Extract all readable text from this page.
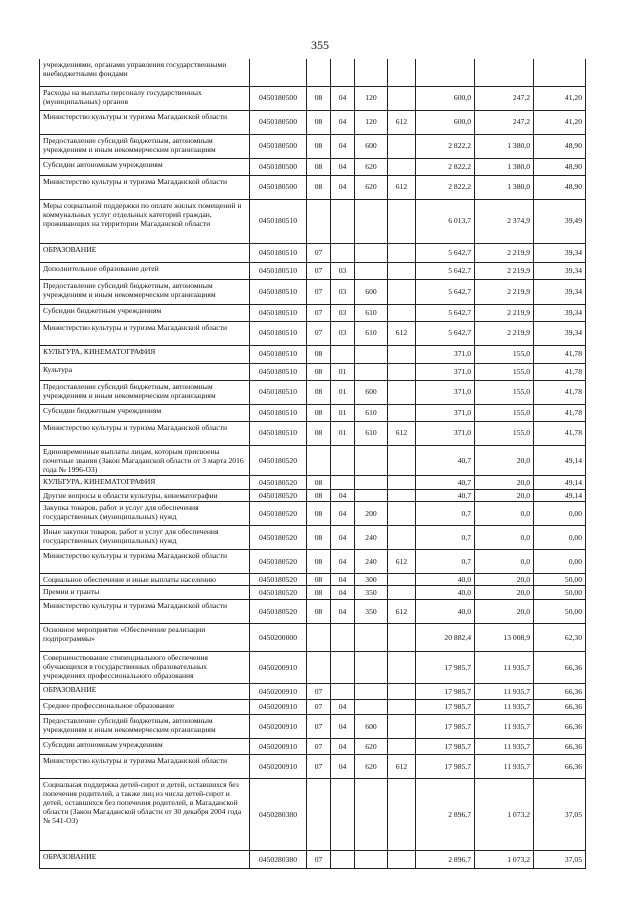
355
учреждениями, органами управления государственными внебюджетными фондами								
Расходы на выплаты персоналу государственных (муниципальных) органов	0450180500	08	04	120		600,0	247,2	41,20
Министерство культуры и туризма Магаданской области	0450180500	08	04	120	612	600,0	247,2	41,20
Предоставление субсидий бюджетным, автономным учреждениям и иным некоммерческим организациям	0450180500	08	04	600		2 822,2	1 380,0	48,90
Субсидии автономным учреждениям	0450180500	08	04	620		2 822,2	1 380,0	48,90
Министерство культуры и туризма Магаданской области	0450180500	08	04	620	612	2 822,2	1 380,0	48,90
Меры социальной поддержки по оплате жилых помещений и коммунальных услуг отдельных категорий граждан, проживающих на территории Магаданской области	0450180510					6 013,7	2 374,9	39,49
ОБРАЗОВАНИЕ	0450180510	07				5 642,7	2 219,9	39,34
Дополнительное образование детей	0450180510	07	03			5 642,7	2 219,9	39,34
Предоставление субсидий бюджетным, автономным учреждениям и иным некоммерческим организациям	0450180510	07	03	600		5 642,7	2 219,9	39,34
Субсидии бюджетным учреждениям	0450180510	07	03	610		5 642,7	2 219,9	39,34
Министерство культуры и туризма Магаданской области	0450180510	07	03	610	612	5 642,7	2 219,9	39,34
КУЛЬТУРА, КИНЕМАТОГРАФИЯ	0450180510	08				371,0	155,0	41,78
Культура	0450180510	08	01			371,0	155,0	41,78
Предоставление субсидий бюджетным, автономным учреждениям и иным некоммерческим организациям	0450180510	08	01	600		371,0	155,0	41,78
Субсидии бюджетным учреждениям	0450180510	08	01	610		371,0	155,0	41,78
Министерство культуры и туризма Магаданской области	0450180510	08	01	610	612	371,0	155,0	41,78
Единовременные выплаты лицам, которым присвоены почетные звания (Закон Магаданской области от 3 марта 2016 года № 1996-ОЗ)	0450180520					40,7	20,0	49,14
КУЛЬТУРА, КИНЕМАТОГРАФИЯ	0450180520	08				40,7	20,0	49,14
Другие вопросы в области культуры, кинематографии	0450180520	08	04			40,7	20,0	49,14
Закупка товаров, работ и услуг для обеспечения государственных (муниципальных) нужд	0450180520	08	04	200		0,7	0,0	0,00
Иные закупки товаров, работ и услуг для обеспечения государственных (муниципальных) нужд	0450180520	08	04	240		0,7	0,0	0,00
Министерство культуры и туризма Магаданской области	0450180520	08	04	240	612	0,7	0,0	0,00
Социальное обеспечение и иные выплаты населению	0450180520	08	04	300		40,0	20,0	50,00
Премии и гранты	0450180520	08	04	350		40,0	20,0	50,00
Министерство культуры и туризма Магаданской области	0450180520	08	04	350	612	40,0	20,0	50,00
Основное мероприятие «Обеспечение реализации подпрограммы»	0450200000					20 882,4	13 008,9	62,30
Совершенствование стипендиального обеспечения обучающихся в государственных образовательных учреждениях профессионального образования	0450200910					17 985,7	11 935,7	66,36
ОБРАЗОВАНИЕ	0450200910	07				17 985,7	11 935,7	66,36
Среднее профессиональное образование	0450200910	07	04			17 985,7	11 935,7	66,36
Предоставление субсидий бюджетным, автономным учреждениям и иным некоммерческим организациям	0450200910	07	04	600		17 985,7	11 935,7	66,36
Субсидии автономным учреждениям	0450200910	07	04	620		17 985,7	11 935,7	66,36
Министерство культуры и туризма Магаданской области	0450200910	07	04	620	612	17 985,7	11 935,7	66,36
Социальная поддержка детей-сирот и детей, оставшихся без попечения родителей, а также лиц из числа детей-сирот и детей, оставшихся без попечения родителей, в Магаданской области (Закон Магаданской области от 30 декабря 2004 года № 541-ОЗ)	0450280380					2 896,7	1 073,2	37,05
ОБРАЗОВАНИЕ	0450280380	07				2 896,7	1 073,2	37,05
